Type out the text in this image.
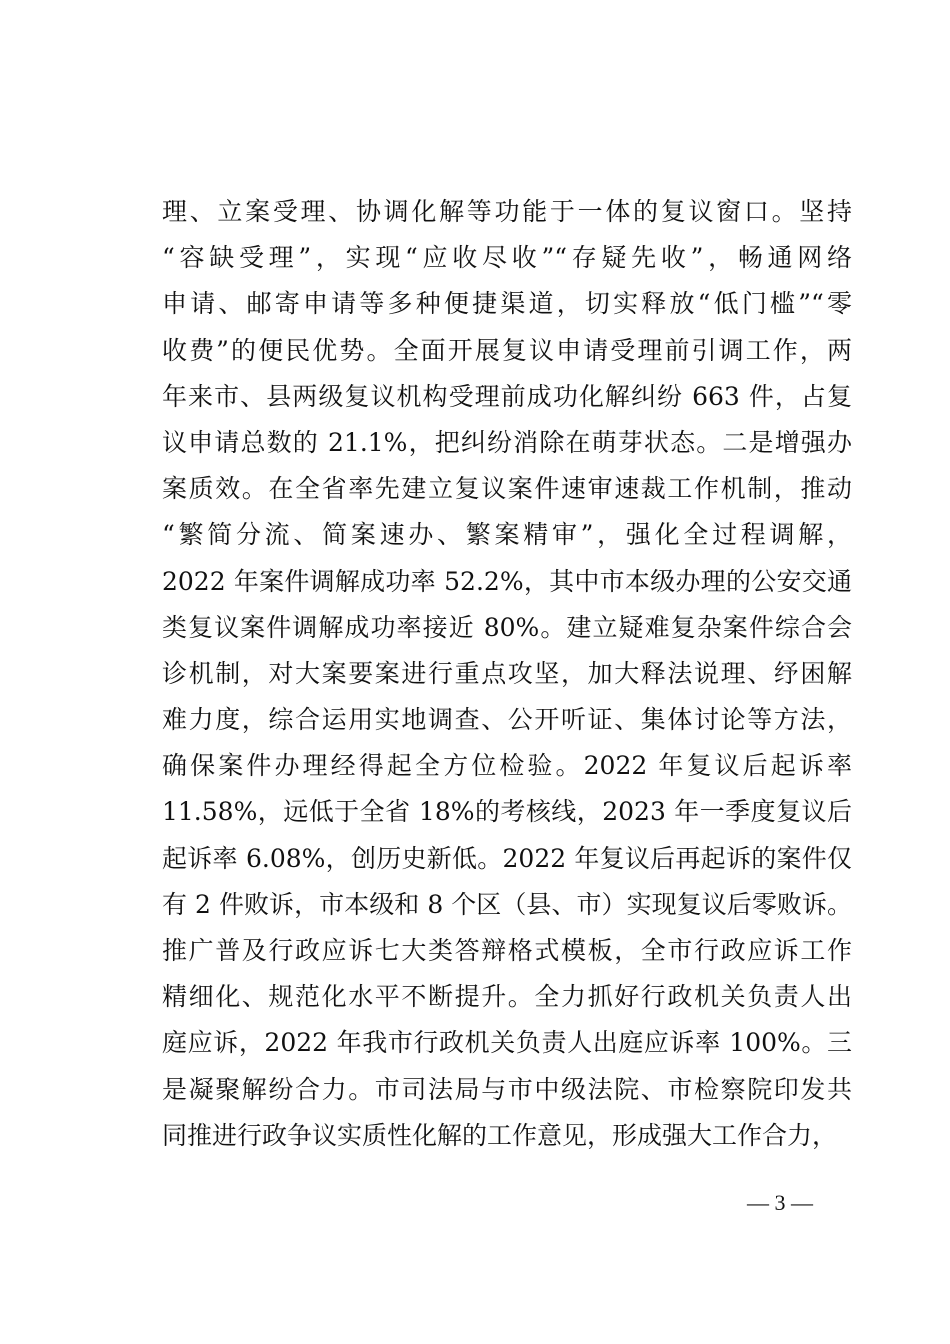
理、立案受理、协调化解等功能于一体的复议窗口。坚持
“容缺受理”，实现“应收尽收”“存疑先收”，畅通网络
申请、邮寄申请等多种便捷渠道，切实释放“低门槛”“零
收费”的便民优势。全面开展复议申请受理前引调工作，两
年来市、县两级复议机构受理前成功化解纠纷 663 件，占复
议申请总数的 21.1%，把纠纷消除在萌芽状态。二是增强办
案质效。在全省率先建立复议案件速审速裁工作机制，推动
“繁简分流、简案速办、繁案精审”，强化全过程调解，
2022 年案件调解成功率 52.2%，其中市本级办理的公安交通
类复议案件调解成功率接近 80%。建立疑难复杂案件综合会
诊机制，对大案要案进行重点攻坚，加大释法说理、纾困解
难力度，综合运用实地调查、公开听证、集体讨论等方法，
确保案件办理经得起全方位检验。2022 年复议后起诉率
11.58%，远低于全省 18%的考核线，2023 年一季度复议后
起诉率 6.08%，创历史新低。2022 年复议后再起诉的案件仅
有 2 件败诉，市本级和 8 个区（县、市）实现复议后零败诉。
推广普及行政应诉七大类答辩格式模板，全市行政应诉工作
精细化、规范化水平不断提升。全力抓好行政机关负责人出
庭应诉，2022 年我市行政机关负责人出庭应诉率 100%。三
是凝聚解纷合力。市司法局与市中级法院、市检察院印发共
同推进行政争议实质性化解的工作意见，形成强大工作合力，
— 3 —
